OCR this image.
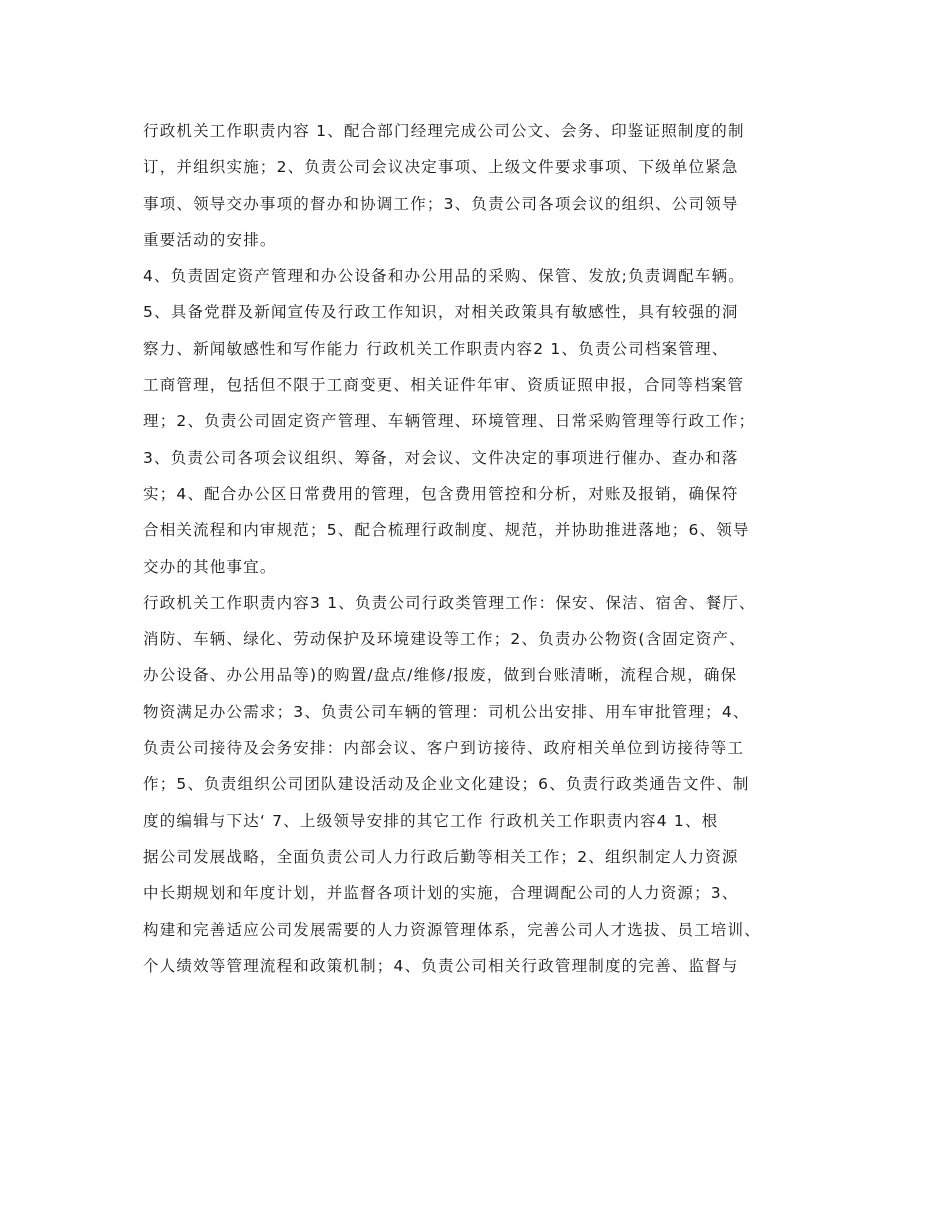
行政机关工作职责内容 1、配合部门经理完成公司公文、会务、印鉴证照制度的制
订，并组织实施；2、负责公司会议决定事项、上级文件要求事项、下级单位紧急
事项、领导交办事项的督办和协调工作；3、负责公司各项会议的组织、公司领导
重要活动的安排。
4、负责固定资产管理和办公设备和办公用品的采购、保管、发放;负责调配车辆。
5、具备党群及新闻宣传及行政工作知识，对相关政策具有敏感性，具有较强的洞
察力、新闻敏感性和写作能力 行政机关工作职责内容2 1、负责公司档案管理、
工商管理，包括但不限于工商变更、相关证件年审、资质证照申报，合同等档案管
理；2、负责公司固定资产管理、车辆管理、环境管理、日常采购管理等行政工作；
3、负责公司各项会议组织、筹备，对会议、文件决定的事项进行催办、查办和落
实；4、配合办公区日常费用的管理，包含费用管控和分析，对账及报销，确保符
合相关流程和内审规范；5、配合梳理行政制度、规范，并协助推进落地；6、领导
交办的其他事宜。
行政机关工作职责内容3 1、负责公司行政类管理工作：保安、保洁、宿舍、餐厅、
消防、车辆、绿化、劳动保护及环境建设等工作；2、负责办公物资(含固定资产、
办公设备、办公用品等)的购置/盘点/维修/报废，做到台账清晰，流程合规，确保
物资满足办公需求；3、负责公司车辆的管理：司机公出安排、用车审批管理；4、
负责公司接待及会务安排：内部会议、客户到访接待、政府相关单位到访接待等工
作；5、负责组织公司团队建设活动及企业文化建设；6、负责行政类通告文件、制
度的编辑与下达‘ 7、上级领导安排的其它工作 行政机关工作职责内容4 1、根
据公司发展战略，全面负责公司人力行政后勤等相关工作；2、组织制定人力资源
中长期规划和年度计划，并监督各项计划的实施，合理调配公司的人力资源；3、
构建和完善适应公司发展需要的人力资源管理体系，完善公司人才选拔、员工培训、
个人绩效等管理流程和政策机制；4、负责公司相关行政管理制度的完善、监督与
